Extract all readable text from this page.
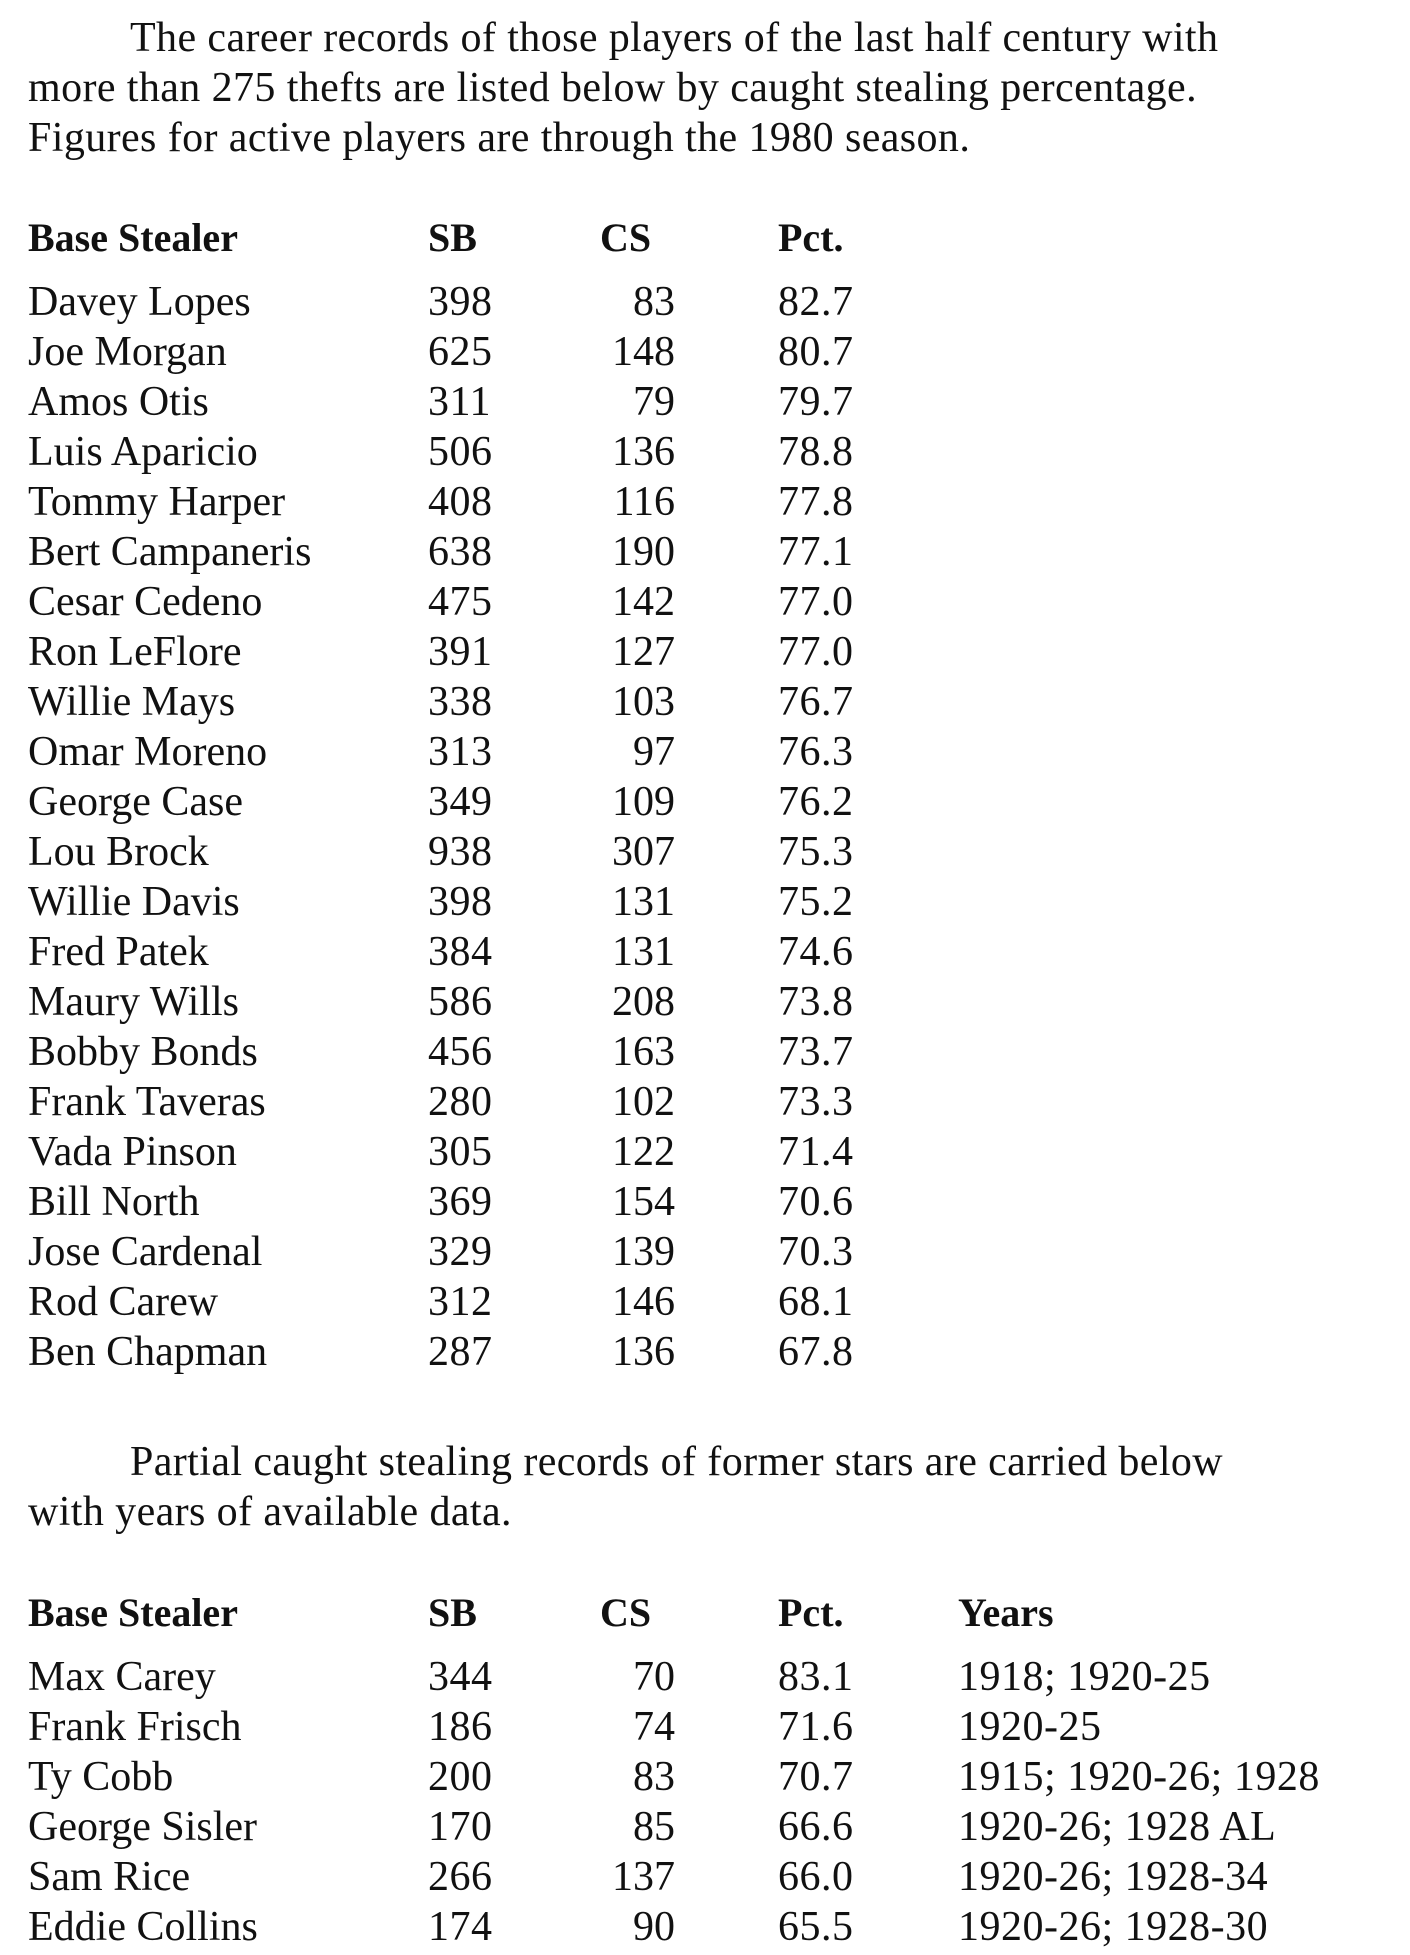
The career records of those players of the last half century with
more than 275 thefts are listed below by caught stealing percentage.
Figures for active players are through the 1980 season.

Base Stealer	SB	CS	Pct.
Davey Lopes	398	83 82.7
Joe Morgan	625	148 80.7
Amos Otis	311	79 79.7
Luis Aparicio	506	136 78.8
Tommy Harper	408	116 77.8
Bert Campaneris	638	190 77.1
Cesar Cedeno	475	142 77.0
Ron LeFlore	391	127 77.0
Willie Mays	338	103 76.7
Omar Moreno	313	97 76.3
George Case	349	109 76.2
Lou Brock	938	307 75.3
Willie Davis	398	131 75.2
Fred Patek	384	131 74.6
Maury Wills	586	208 73.8
Bobby Bonds	456	163 73.7
Frank Taveras	280	102 73.3
Vada Pinson	305	122 71.4
Bill North	369	154 70.6
Jose Cardenal	329	139 70.3
Rod Carew	312	146 68.1
Ben Chapman	287	136 67.8

Partial caught stealing records of former stars are carried below
with years of available data.

Base Stealer	SB	CS	Pct.	Years
Max Carey	344	70 83.1 1918; 1920-25
Frank Frisch	186	74 71.6 1920-25
Ty Cobb	200	83 70.7 1915; 1920-26; 1928
George Sisler	170	85 66.6 1920-26; 1928 AL
Sam Rice	266	137 66.0 1920-26; 1928-34
Eddie Collins	174	90 65.5 1920-26; 1928-30
